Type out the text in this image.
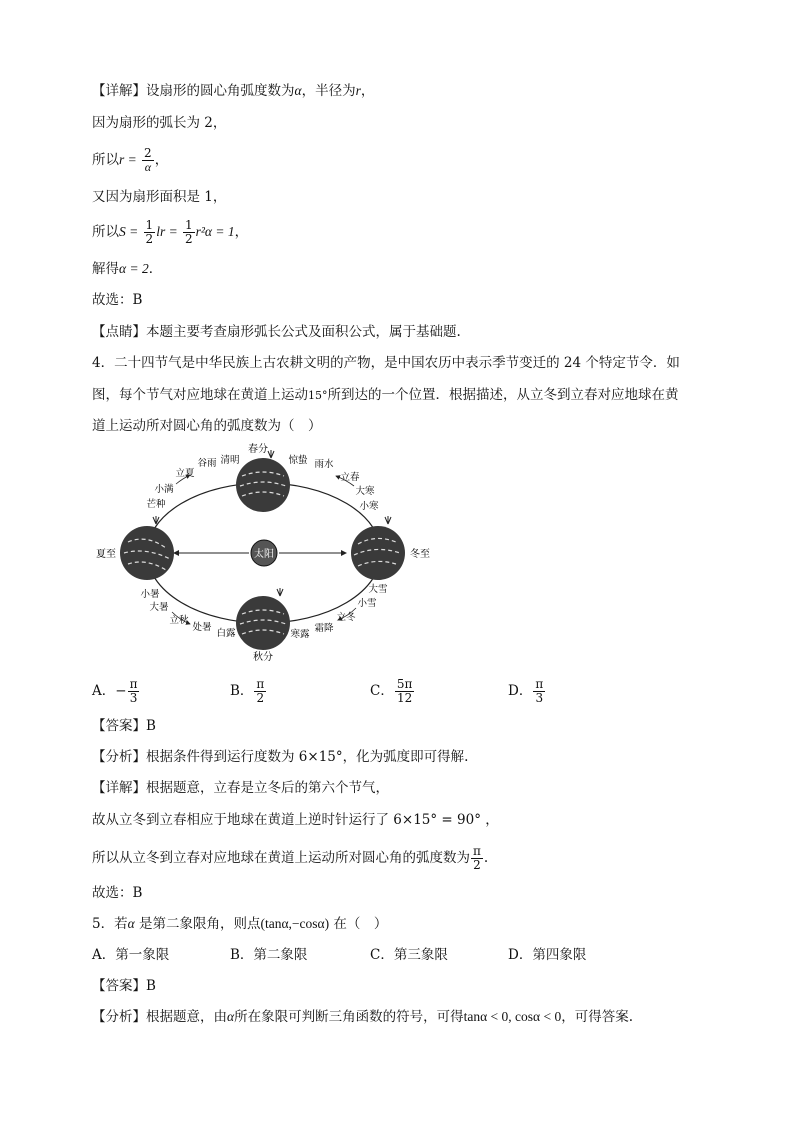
【详解】设扇形的圆心角弧度数为α，半径为r，
因为扇形的弧长为 2，
所以$r = \frac{2}{\alpha}$ ，
又因为扇形面积是 1，
所以$S = \frac{1}{2}$ lr = $\frac{1}{2} r^2\alpha = 1$，
解得α = 2．
故选：B
【点睛】本题主要考查扇形弧长公式及面积公式，属于基础题.
4．二十四节气是中华民族上古农耕文明的产物，是中国农历中表示季节变迁的 24 个特定节令．如
图，每个节气对应地球在黄道上运动15°所到达的一个位置．根据描述，从立冬到立春对应地球在黄
道上运动所对圆心角的弧度数为（　）
太阳
春分
秋分
夏至	冬至
立夏
谷雨 清明	惊蛰 雨水
立春
大寒
小寒
小满
芒种
小暑
大暑
立秋
处暑
白露	寒露
霜降
立冬
小雪
大雪
A．− $\frac{\pi}{3}$	B． $\frac{\pi}{2}$	C． $\frac{5\pi}{12}$	D． $\frac{\pi}{3}$
【答案】B
【分析】根据条件得到运行度数为 6×15°，化为弧度即可得解.
【详解】根据题意，立春是立冬后的第六个节气，
故从立冬到立春相应于地球在黄道上逆时针运行了 6×15° = 90° ，
所以从立冬到立春对应地球在黄道上运动所对圆心角的弧度数为 $\frac{\pi}{2}$ .
故选：B
5．若α 是第二象限角，则点(tanα,−cosα) 在（　）
A．第一象限	B．第二象限	C．第三象限	D．第四象限
【答案】B
【分析】根据题意，由α所在象限可判断三角函数的符号，可得tanα < 0, cosα < 0，可得答案.
